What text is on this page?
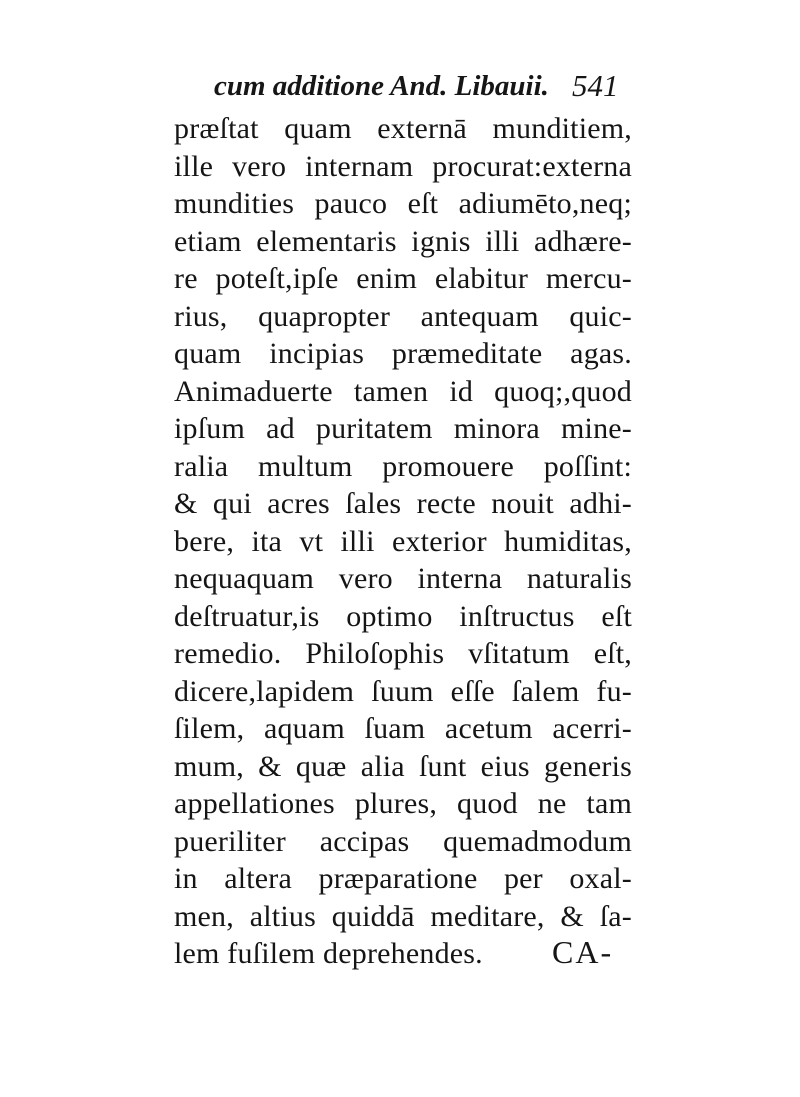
cum additione And. Libauii. 541
præſtat quam externā munditiem,
ille vero internam procurat:externa
mundities pauco eſt adiumēto,neq;
etiam elementaris ignis illi adhære-
re poteſt,ipſe enim elabitur mercu-
rius, quapropter antequam quic-
quam incipias præmeditate agas.
Animaduerte tamen id quoq;,quod
ipſum ad puritatem minora mine-
ralia multum promouere poſſint:
& qui acres ſales recte nouit adhi-
bere, ita vt illi exterior humiditas,
nequaquam vero interna naturalis
deſtruatur,is optimo inſtructus eſt
remedio. Philoſophis vſitatum eſt,
dicere,lapidem ſuum eſſe ſalem fu-
ſilem, aquam ſuam acetum acerri-
mum, & quæ alia ſunt eius generis
appellationes plures, quod ne tam
pueriliter accipas quemadmodum
in altera præparatione per oxal-
men, altius quiddā meditare, & ſa-
lem fuſilem deprehendes.	CA-
